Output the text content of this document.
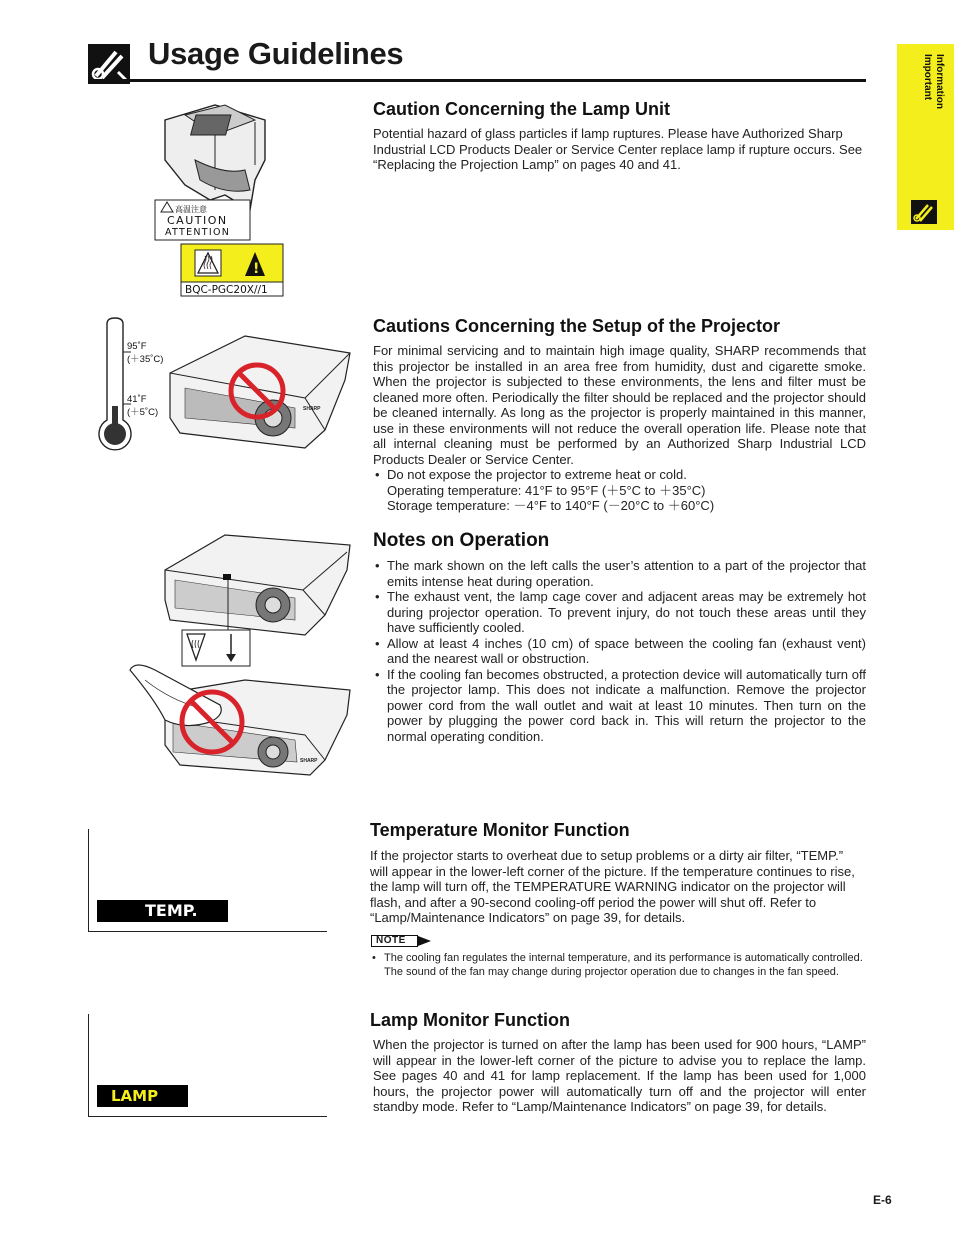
Usage Guidelines
Important Information
高温注意
CAUTION
ATTENTION
!
BQC-PGC20X//1
Caution Concerning the Lamp Unit

Potential hazard of glass particles if lamp ruptures. Please have Authorized Sharp Industrial LCD Products Dealer or Service Center replace lamp if rupture occurs. See “Replacing the Projection Lamp” on pages 40 and 41.

95˚F
(＋35˚C)
41˚F
(＋5˚C)	SHARP
Cautions Concerning the Setup of the Projector

For minimal servicing and to maintain high image quality, SHARP recommends that this projector be installed in an area free from humidity, dust and cigarette smoke. When the projector is subjected to these environments, the lens and filter must be cleaned more often. Periodically the filter should be replaced and the projector should be cleaned internally. As long as the projector is properly maintained in this manner, use in these environments will not reduce the overall operation life. Please note that all internal cleaning must be performed by an Authorized Sharp Industrial LCD Products Dealer or Service Center.

• Do not expose the projector to extreme heat or cold.
Operating temperature: 41°F to 95°F (＋5°C to ＋35°C)
Storage temperature: －4°F to 140°F (－20°C to ＋60°C)
SHARP
Notes on Operation
• The mark shown on the left calls the user’s attention to a part of the projector that emits intense heat during operation.
• The exhaust vent, the lamp cage cover and adjacent areas may be extremely hot during projector operation. To prevent injury, do not touch these areas until they have sufficiently cooled.
• Allow at least 4 inches (10 cm) of space between the cooling fan (exhaust vent) and the nearest wall or obstruction.
• If the cooling fan becomes obstructed, a protection device will automatically turn off the projector lamp. This does not indicate a malfunction. Remove the projector power cord from the wall outlet and wait at least 10 minutes. Then turn on the power by plugging the power cord back in. This will return the projector to the normal operating condition.
TEMP.
Temperature Monitor Function

If the projector starts to overheat due to setup problems or a dirty air filter, “TEMP.” will appear in the lower-left corner of the picture. If the temperature continues to rise, the lamp will turn off, the TEMPERATURE WARNING indicator on the projector will flash, and after a 90-second cooling-off period the power will shut off. Refer to “Lamp/Maintenance Indicators” on page 39, for details.

NOTE
• The cooling fan regulates the internal temperature, and its performance is automatically controlled. The sound of the fan may change during projector operation due to changes in the fan speed.
LAMP
Lamp Monitor Function

When the projector is turned on after the lamp has been used for 900 hours, “LAMP” will appear in the lower-left corner of the picture to advise you to replace the lamp. See pages 40 and 41 for lamp replacement. If the lamp has been used for 1,000 hours, the projector power will automatically turn off and the projector will enter standby mode. Refer to “Lamp/Maintenance Indicators” on page 39, for details.

E-6
